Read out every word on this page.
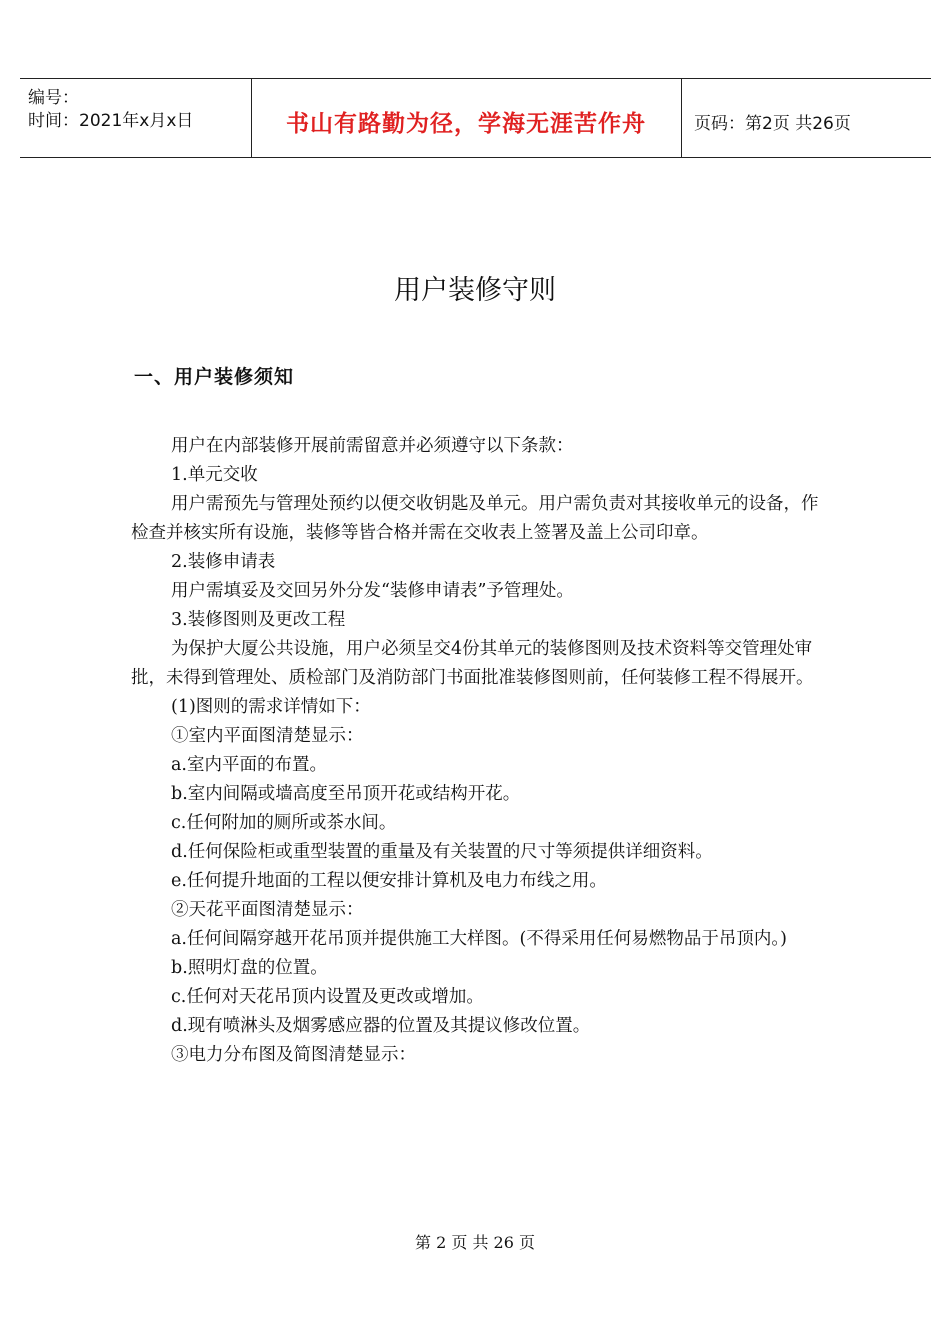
编号：
时间：2021年x月x日	书山有路勤为径，学海无涯苦作舟	页码：第2页 共26页
用户装修守则
一、用户装修须知

用户在内部装修开展前需留意并必须遵守以下条款：

1.单元交收

用户需预先与管理处预约以便交收钥匙及单元。用户需负责对其接收单元的设备，作检查并核实所有设施，装修等皆合格并需在交收表上签署及盖上公司印章。

2.装修申请表

用户需填妥及交回另外分发“装修申请表”予管理处。

3.装修图则及更改工程

为保护大厦公共设施，用户必须呈交4份其单元的装修图则及技术资料等交管理处审批，未得到管理处、质检部门及消防部门书面批准装修图则前，任何装修工程不得展开。

(1)图则的需求详情如下：

①室内平面图清楚显示：

a.室内平面的布置。

b.室内间隔或墙高度至吊顶开花或结构开花。

c.任何附加的厕所或茶水间。

d.任何保险柜或重型装置的重量及有关装置的尺寸等须提供详细资料。

e.任何提升地面的工程以便安排计算机及电力布线之用。

②天花平面图清楚显示：

a.任何间隔穿越开花吊顶并提供施工大样图。(不得采用任何易燃物品于吊顶内。)

b.照明灯盘的位置。

c.任何对天花吊顶内设置及更改或增加。

d.现有喷淋头及烟雾感应器的位置及其提议修改位置。

③电力分布图及简图清楚显示：

第 2 页 共 26 页
